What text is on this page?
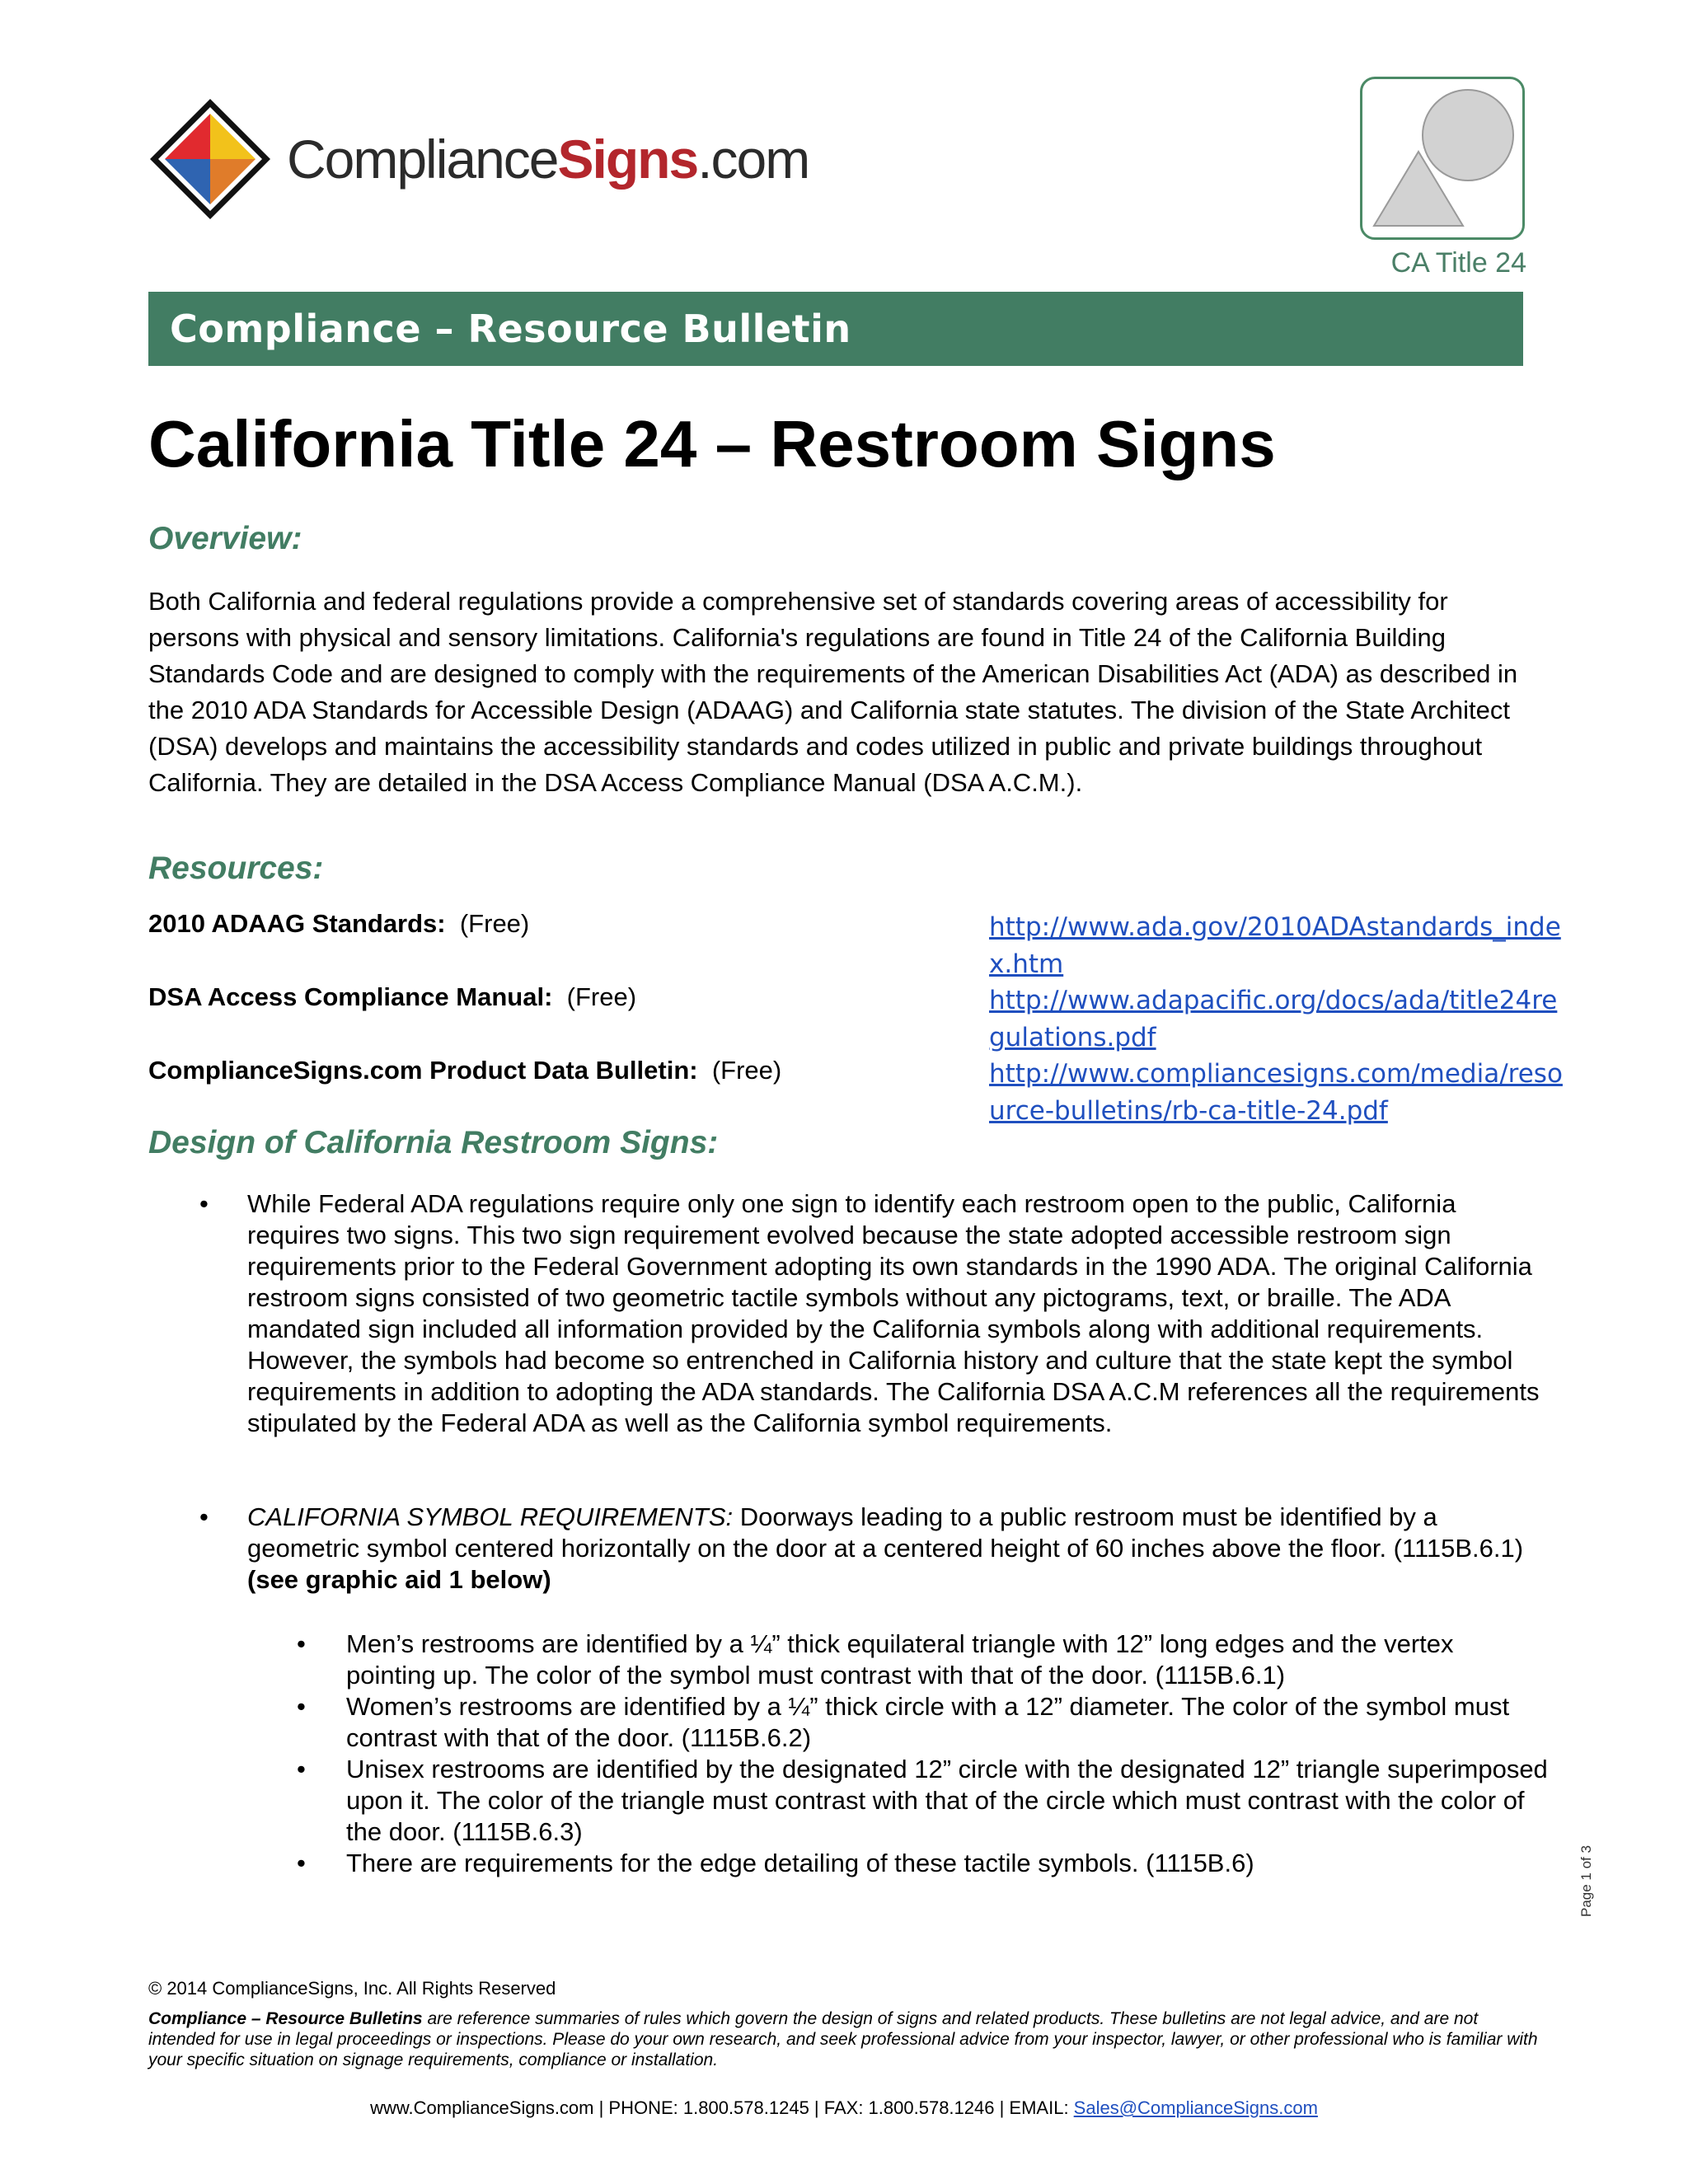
ComplianceSigns.com
CA Title 24
Compliance – Resource Bulletin
California Title 24 – Restroom Signs
Overview:

Both California and federal regulations provide a comprehensive set of standards covering areas of accessibility for persons with physical and sensory limitations. California's regulations are found in Title 24 of the California Building Standards Code and are designed to comply with the requirements of the American Disabilities Act (ADA) as described in the 2010 ADA Standards for Accessible Design (ADAAG) and California state statutes. The division of the State Architect (DSA) develops and maintains the accessibility standards and codes utilized in public and private buildings throughout California. They are detailed in the DSA Access Compliance Manual (DSA A.C.M.).

Resources:
2010 ADAAG Standards: (Free)	http://www.ada.gov/2010ADAstandards_index.htm
DSA Access Compliance Manual: (Free)	http://www.adapacific.org/docs/ada/title24regulations.pdf
ComplianceSigns.com Product Data Bulletin: (Free)	http://www.compliancesigns.com/media/resource-bulletins/rb-ca-title-24.pdf
Design of California Restroom Signs:

• While Federal ADA regulations require only one sign to identify each restroom open to the public, California requires two signs. This two sign requirement evolved because the state adopted accessible restroom sign requirements prior to the Federal Government adopting its own standards in the 1990 ADA. The original California restroom signs consisted of two geometric tactile symbols without any pictograms, text, or braille. The ADA mandated sign included all information provided by the California symbols along with additional requirements. However, the symbols had become so entrenched in California history and culture that the state kept the symbol requirements in addition to adopting the ADA standards. The California DSA A.C.M references all the requirements stipulated by the Federal ADA as well as the California symbol requirements.

• CALIFORNIA SYMBOL REQUIREMENTS: Doorways leading to a public restroom must be identified by a geometric symbol centered horizontally on the door at a centered height of 60 inches above the floor. (1115B.6.1) (see graphic aid 1 below)

• Men’s restrooms are identified by a ¼” thick equilateral triangle with 12” long edges and the vertex pointing up. The color of the symbol must contrast with that of the door. (1115B.6.1)

• Women’s restrooms are identified by a ¼” thick circle with a 12” diameter. The color of the symbol must contrast with that of the door. (1115B.6.2)

• Unisex restrooms are identified by the designated 12” circle with the designated 12” triangle superimposed upon it. The color of the triangle must contrast with that of the circle which must contrast with the color of the door. (1115B.6.3)

• There are requirements for the edge detailing of these tactile symbols. (1115B.6)	Page 1 of 3
© 2014 ComplianceSigns, Inc. All Rights Reserved

Compliance – Resource Bulletins are reference summaries of rules which govern the design of signs and related products. These bulletins are not legal advice, and are not intended for use in legal proceedings or inspections. Please do your own research, and seek professional advice from your inspector, lawyer, or other professional who is familiar with your specific situation on signage requirements, compliance or installation.

www.ComplianceSigns.com | PHONE: 1.800.578.1245 | FAX: 1.800.578.1246 | EMAIL: Sales@ComplianceSigns.com
